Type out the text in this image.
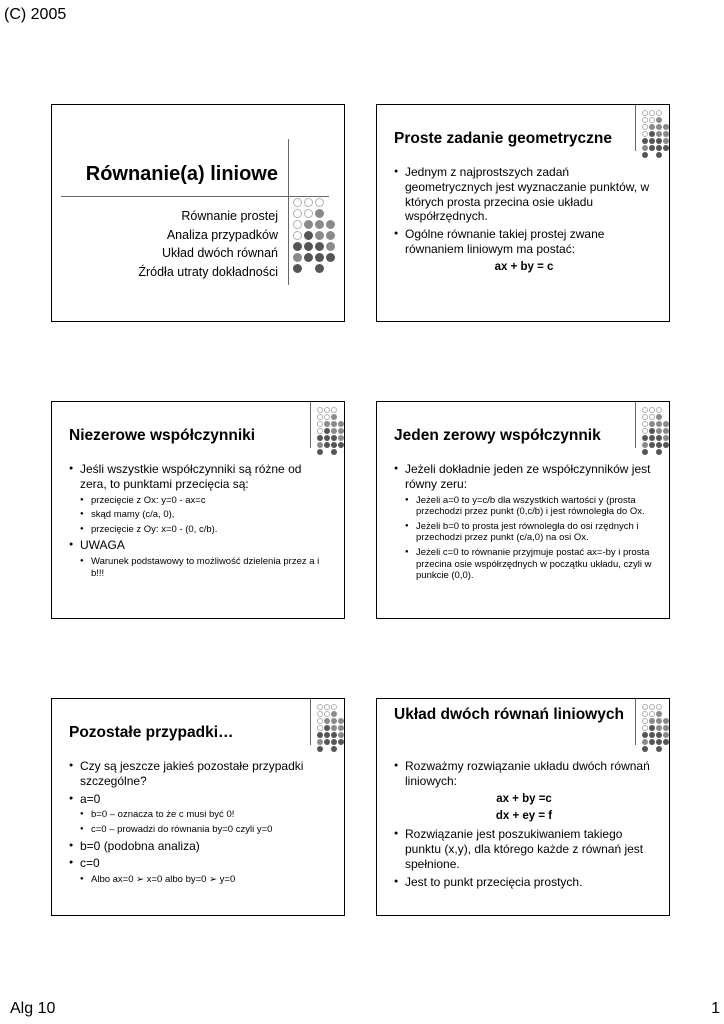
(C) 2005
Równanie(a) liniowe
Równanie prostej
Analiza przypadków
Układ dwóch równań
Źródła utraty dokładności
Proste zadanie geometryczne
● Jednym z najprostszych zadań geometrycznych jest wyznaczanie punktów, w których prosta przecina osie układu współrzędnych.
● Ogólne równanie takiej prostej zwane równaniem liniowym ma postać:
ax + by = c
Niezerowe współczynniki
● Jeśli wszystkie współczynniki są różne od zera, to punktami przecięcia są:
● przecięcie z Ox: y=0 - ax=c
● skąd mamy (c/a, 0),
● przecięcie z Oy: x=0 - (0, c/b).
● UWAGA
● Warunek podstawowy to możliwość dzielenia przez a i b!!!
Jeden zerowy współczynnik
● Jeżeli dokładnie jeden ze współczynników jest równy zeru:
● Jeżeli a=0 to y=c/b dla wszystkich wartości y (prosta przechodzi przez punkt (0,c/b) i jest równoległa do Ox.
● Jeżeli b=0 to prosta jest równoległa do osi rzędnych i przechodzi przez punkt (c/a,0) na osi Ox.
● Jeżeli c=0 to równanie przyjmuje postać ax=-by i prosta przecina osie współrzędnych w początku układu, czyli w punkcie (0,0).
Pozostałe przypadki…
● Czy są jeszcze jakieś pozostałe przypadki szczególne?
● a=0
● b=0 – oznacza to że c musi być 0!
● c=0 – prowadzi do równania by=0 czyli y=0
● b=0 (podobna analiza)
● c=0
● Albo ax=0 ➢ x=0 albo by=0 ➢ y=0
Układ dwóch równań liniowych
● Rozważmy rozwiązanie układu dwóch równań liniowych:
ax + by =c
dx + ey = f
● Rozwiązanie jest poszukiwaniem takiego punktu (x,y), dla którego każde z równań jest spełnione.
● Jest to punkt przecięcia prostych.
Alg 10	1
